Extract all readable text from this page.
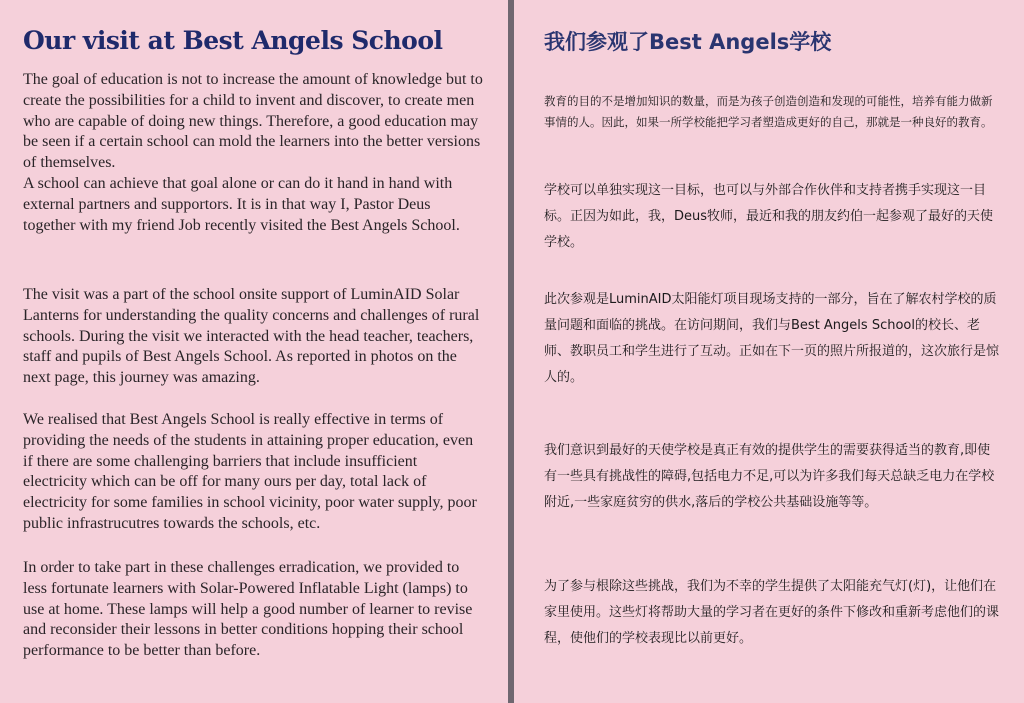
Our visit at Best Angels School

The goal of education is not to increase the amount of knowledge but to create the possibilities for a child to invent and discover, to create men who are capable of doing new things. Therefore, a good education may be seen if a certain school can mold the learners into the better versions of themselves.

A school can achieve that goal alone or can do it hand in hand with external partners and supportors. It is in that way I, Pastor Deus together with my friend Job recently visited the Best Angels School.

The visit was a part of the school onsite support of LuminAID Solar Lanterns for understanding the quality concerns and challenges of rural schools. During the visit we interacted with the head teacher, teachers, staff and pupils of Best Angels School. As reported in photos on the next page, this journey was amazing.

We realised that Best Angels School is really effective in terms of providing the needs of the students in attaining proper education, even if there are some challenging barriers that include insufficient electricity which can be off for many ours per day, total lack of electricity for some families in school vicinity, poor water supply, poor public infrastrucutres towards the schools, etc.

In order to take part in these challenges erradication, we provided to less fortunate learners with Solar-Powered Inflatable Light (lamps) to use at home. These lamps will help a good number of learner to revise and reconsider their lessons in better conditions hopping their school performance to be better than before.

我们参观了Best Angels学校

教育的目的不是增加知识的数量，而是为孩子创造创造和发现的可能性，培养有能力做新事情的人。因此，如果一所学校能把学习者塑造成更好的自己，那就是一种良好的教育。

学校可以单独实现这一目标，也可以与外部合作伙伴和支持者携手实现这一目标。正因为如此，我，Deus牧师，最近和我的朋友约伯一起参观了最好的天使学校。

此次参观是LuminAID太阳能灯项目现场支持的一部分，旨在了解农村学校的质量问题和面临的挑战。在访问期间，我们与Best Angels School的校长、老师、教职员工和学生进行了互动。正如在下一页的照片所报道的，这次旅行是惊人的。

我们意识到最好的天使学校是真正有效的提供学生的需要获得适当的教育,即使有一些具有挑战性的障碍,包括电力不足,可以为许多我们每天总缺乏电力在学校附近,一些家庭贫穷的供水,落后的学校公共基础设施等等。

为了参与根除这些挑战，我们为不幸的学生提供了太阳能充气灯(灯)，让他们在家里使用。这些灯将帮助大量的学习者在更好的条件下修改和重新考虑他们的课程，使他们的学校表现比以前更好。
